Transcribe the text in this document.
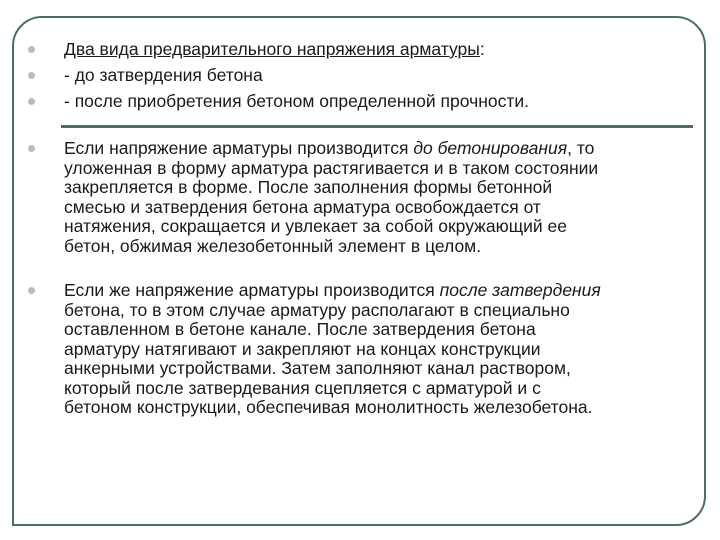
Два вида предварительного напряжения арматуры:
- до затвердения бетона
- после приобретения бетоном определенной прочности.
Если напряжение арматуры производится до бетонирования, то
уложенная в форму арматура растягивается и в таком состоянии
закрепляется в форме. После заполнения формы бетонной
смесью и затвердения бетона арматура освобождается от
натяжения, сокращается и увлекает за собой окружающий ее
бетон, обжимая железобетонный элемент в целом.
Если же напряжение арматуры производится после затвердения
бетона, то в этом случае арматуру располагают в специально
оставленном в бетоне канале. После затвердения бетона
арматуру натягивают и закрепляют на концах конструкции
анкерными устройствами. Затем заполняют канал раствором,
который после затвердевания сцепляется с арматурой и с
бетоном конструкции, обеспечивая монолитность железобетона.
